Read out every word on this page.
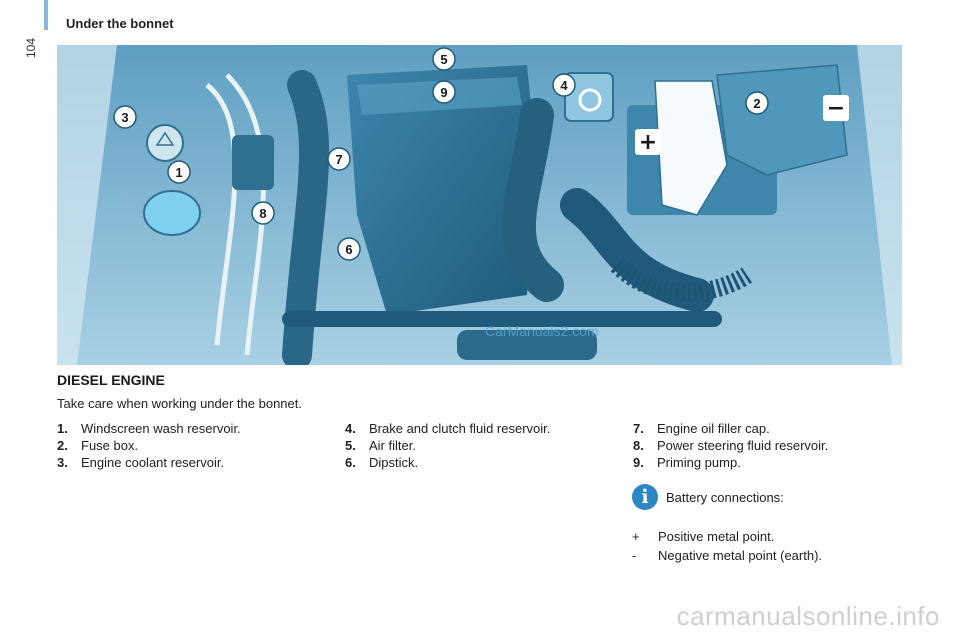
104
Under the bonnet
+
−
1
2
3
4
5
6
7
8
9
CarManuals2.com
DIESEL ENGINE
Take care when working under the bonnet.
1. Windscreen wash reservoir.
2. Fuse box.
3. Engine coolant reservoir.
4. Brake and clutch fluid reservoir.
5. Air filter.
6. Dipstick.
7. Engine oil filler cap.
8. Power steering fluid reservoir.
9. Priming pump.
i	Battery connections:
+ Positive metal point.
- Negative metal point (earth).
carmanualsonline.info
